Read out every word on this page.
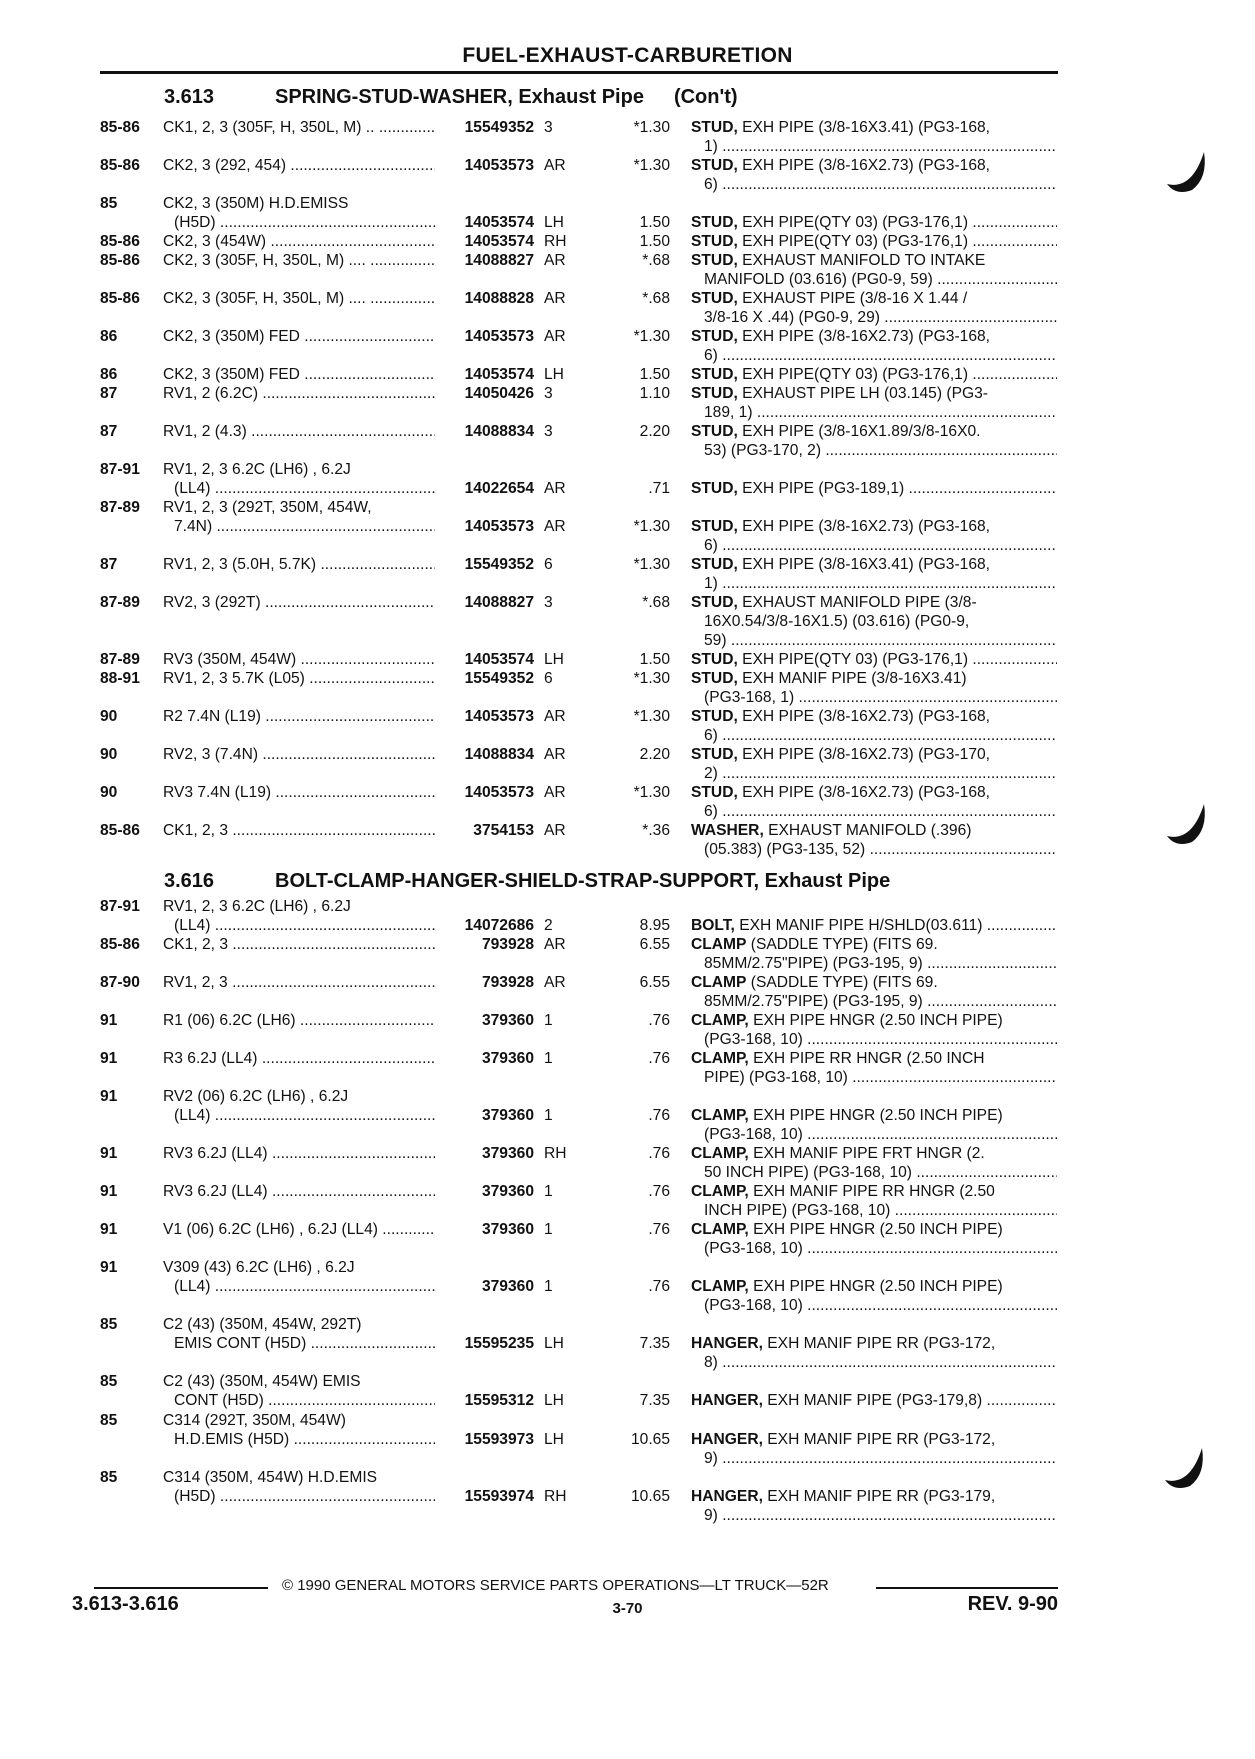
FUEL-EXHAUST-CARBURETION
3.613	SPRING-STUD-WASHER, Exhaust Pipe (Con't)
85-86	CK1, 2, 3 (305F, H, 350L, M) .. .....	15549352 3	*1.30 STUD, EXH PIPE (3/8-16X3.41) (PG3-168,
1) .....
85-86	CK2, 3 (292, 454) .....	14053573 AR	*1.30 STUD, EXH PIPE (3/8-16X2.73) (PG3-168,
6) .....
85	CK2, 3 (350M) H.D.EMISS
(H5D) .....	14053574 LH	1.50 STUD, EXH PIPE(QTY 03) (PG3-176,1) .....
85-86	CK2, 3 (454W) .....	14053574 RH	1.50 STUD, EXH PIPE(QTY 03) (PG3-176,1) .....
85-86	CK2, 3 (305F, H, 350L, M) .... .....	14088827 AR	*.68 STUD, EXHAUST MANIFOLD TO INTAKE
MANIFOLD (03.616) (PG0-9, 59) .....
85-86	CK2, 3 (305F, H, 350L, M) .... .....	14088828 AR	*.68 STUD, EXHAUST PIPE (3/8-16 X 1.44 /
3/8-16 X .44) (PG0-9, 29) .....
86	CK2, 3 (350M) FED .....	14053573 AR	*1.30 STUD, EXH PIPE (3/8-16X2.73) (PG3-168,
6) .....
86	CK2, 3 (350M) FED .....	14053574 LH	1.50 STUD, EXH PIPE(QTY 03) (PG3-176,1) .....
87	RV1, 2 (6.2C) .....	14050426 3	1.10 STUD, EXHAUST PIPE LH (03.145) (PG3-
189, 1) .....
87	RV1, 2 (4.3) .....	14088834 3	2.20 STUD, EXH PIPE (3/8-16X1.89/3/8-16X0.
53) (PG3-170, 2) .....
87-91	RV1, 2, 3 6.2C (LH6) , 6.2J
(LL4) .....	14022654 AR	.71 STUD, EXH PIPE (PG3-189,1) .....
87-89	RV1, 2, 3 (292T, 350M, 454W,
7.4N) .....	14053573 AR	*1.30 STUD, EXH PIPE (3/8-16X2.73) (PG3-168,
6) .....
87	RV1, 2, 3 (5.0H, 5.7K) .....	15549352 6	*1.30 STUD, EXH PIPE (3/8-16X3.41) (PG3-168,
1) .....
87-89	RV2, 3 (292T) .....	14088827 3	*.68 STUD, EXHAUST MANIFOLD PIPE (3/8-
16X0.54/3/8-16X1.5) (03.616) (PG0-9,
59) .....
87-89	RV3 (350M, 454W) .....	14053574 LH	1.50 STUD, EXH PIPE(QTY 03) (PG3-176,1) .....
88-91	RV1, 2, 3 5.7K (L05) .....	15549352 6	*1.30 STUD, EXH MANIF PIPE (3/8-16X3.41)
(PG3-168, 1) .....
90	R2 7.4N (L19) .....	14053573 AR	*1.30 STUD, EXH PIPE (3/8-16X2.73) (PG3-168,
6) .....
90	RV2, 3 (7.4N) .....	14088834 AR	2.20 STUD, EXH PIPE (3/8-16X2.73) (PG3-170,
2) .....
90	RV3 7.4N (L19) .....	14053573 AR	*1.30 STUD, EXH PIPE (3/8-16X2.73) (PG3-168,
6) .....
85-86	CK1, 2, 3 .....	3754153 AR	*.36 WASHER, EXHAUST MANIFOLD (.396)
(05.383) (PG3-135, 52) .....
3.616	BOLT-CLAMP-HANGER-SHIELD-STRAP-SUPPORT, Exhaust Pipe
87-91	RV1, 2, 3 6.2C (LH6) , 6.2J
(LL4) .....	14072686 2	8.95 BOLT, EXH MANIF PIPE H/SHLD(03.611) .....
85-86	CK1, 2, 3 .....	793928 AR	6.55 CLAMP (SADDLE TYPE) (FITS 69.
85MM/2.75"PIPE) (PG3-195, 9) .....
87-90	RV1, 2, 3 .....	793928 AR	6.55 CLAMP (SADDLE TYPE) (FITS 69.
85MM/2.75"PIPE) (PG3-195, 9) .....
91	R1 (06) 6.2C (LH6) .....	379360 1	.76 CLAMP, EXH PIPE HNGR (2.50 INCH PIPE)
(PG3-168, 10) .....
91	R3 6.2J (LL4) .....	379360 1	.76 CLAMP, EXH PIPE RR HNGR (2.50 INCH
PIPE) (PG3-168, 10) .....
91	RV2 (06) 6.2C (LH6) , 6.2J
(LL4) .....	379360 1	.76 CLAMP, EXH PIPE HNGR (2.50 INCH PIPE)
(PG3-168, 10) .....
91	RV3 6.2J (LL4) .....	379360 RH	.76 CLAMP, EXH MANIF PIPE FRT HNGR (2.
50 INCH PIPE) (PG3-168, 10) .....
91	RV3 6.2J (LL4) .....	379360 1	.76 CLAMP, EXH MANIF PIPE RR HNGR (2.50
INCH PIPE) (PG3-168, 10) .....
91	V1 (06) 6.2C (LH6) , 6.2J (LL4) .....	379360 1	.76 CLAMP, EXH PIPE HNGR (2.50 INCH PIPE)
(PG3-168, 10) .....
91	V309 (43) 6.2C (LH6) , 6.2J
(LL4) .....	379360 1	.76 CLAMP, EXH PIPE HNGR (2.50 INCH PIPE)
(PG3-168, 10) .....
85	C2 (43) (350M, 454W, 292T)
EMIS CONT (H5D) .....	15595235 LH	7.35 HANGER, EXH MANIF PIPE RR (PG3-172,
8) .....
85	C2 (43) (350M, 454W) EMIS
CONT (H5D) .....	15595312 LH	7.35 HANGER, EXH MANIF PIPE (PG3-179,8) .....
85	C314 (292T, 350M, 454W)
H.D.EMIS (H5D) .....	15593973 LH	10.65 HANGER, EXH MANIF PIPE RR (PG3-172,
9) .....
85	C314 (350M, 454W) H.D.EMIS
(H5D) .....	15593974 RH	10.65 HANGER, EXH MANIF PIPE RR (PG3-179,
9) .....
© 1990 GENERAL MOTORS SERVICE PARTS OPERATIONS—LT TRUCK—52R
3.613-3.616	3-70	REV. 9-90
